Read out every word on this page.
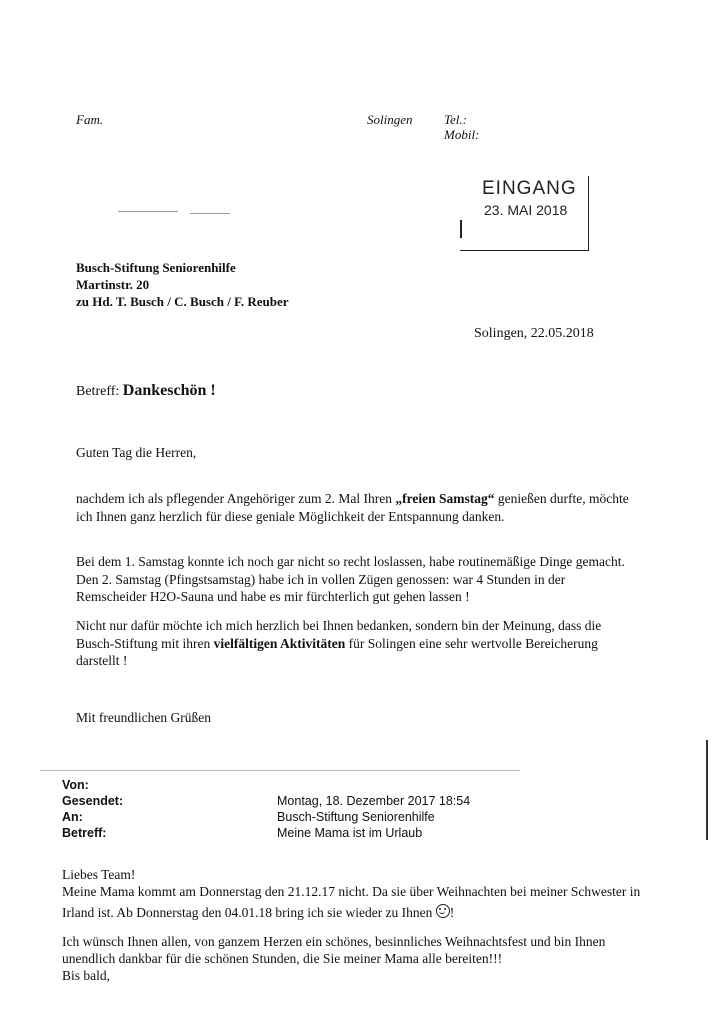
Fam.	Solingen Tel.:
Mobil:
EINGANG
23. MAI 2018
Busch-Stiftung Seniorenhilfe
Martinstr. 20
zu Hd. T. Busch / C. Busch / F. Reuber
Solingen, 22.05.2018
Betreff: Dankeschön !
Guten Tag die Herren,

nachdem ich als pflegender Angehöriger zum 2. Mal Ihren „freien Samstag“ genießen durfte, möchte ich Ihnen ganz herzlich für diese geniale Möglichkeit der Entspannung danken.

Bei dem 1. Samstag konnte ich noch gar nicht so recht loslassen, habe routinemäßige Dinge gemacht. Den 2. Samstag (Pfingstsamstag) habe ich in vollen Zügen genossen: war 4 Stunden in der Remscheider H2O-Sauna und habe es mir fürchterlich gut gehen lassen !

Nicht nur dafür möchte ich mich herzlich bei Ihnen bedanken, sondern bin der Meinung, dass die Busch-Stiftung mit ihren vielfältigen Aktivitäten für Solingen eine sehr wertvolle Bereicherung darstellt !

Mit freundlichen Grüßen
Von:
Gesendet:
An:
Betreff:
Montag, 18. Dezember 2017 18:54
Busch-Stiftung Seniorenhilfe
Meine Mama ist im Urlaub
Liebes Team!
Meine Mama kommt am Donnerstag den 21.12.17 nicht. Da sie über Weihnachten bei meiner Schwester in
Irland ist. Ab Donnerstag den 04.01.18 bring ich sie wieder zu Ihnen !
Ich wünsch Ihnen allen, von ganzem Herzen ein schönes, besinnliches Weihnachtsfest und bin Ihnen
unendlich dankbar für die schönen Stunden, die Sie meiner Mama alle bereiten!!!
Bis bald,
